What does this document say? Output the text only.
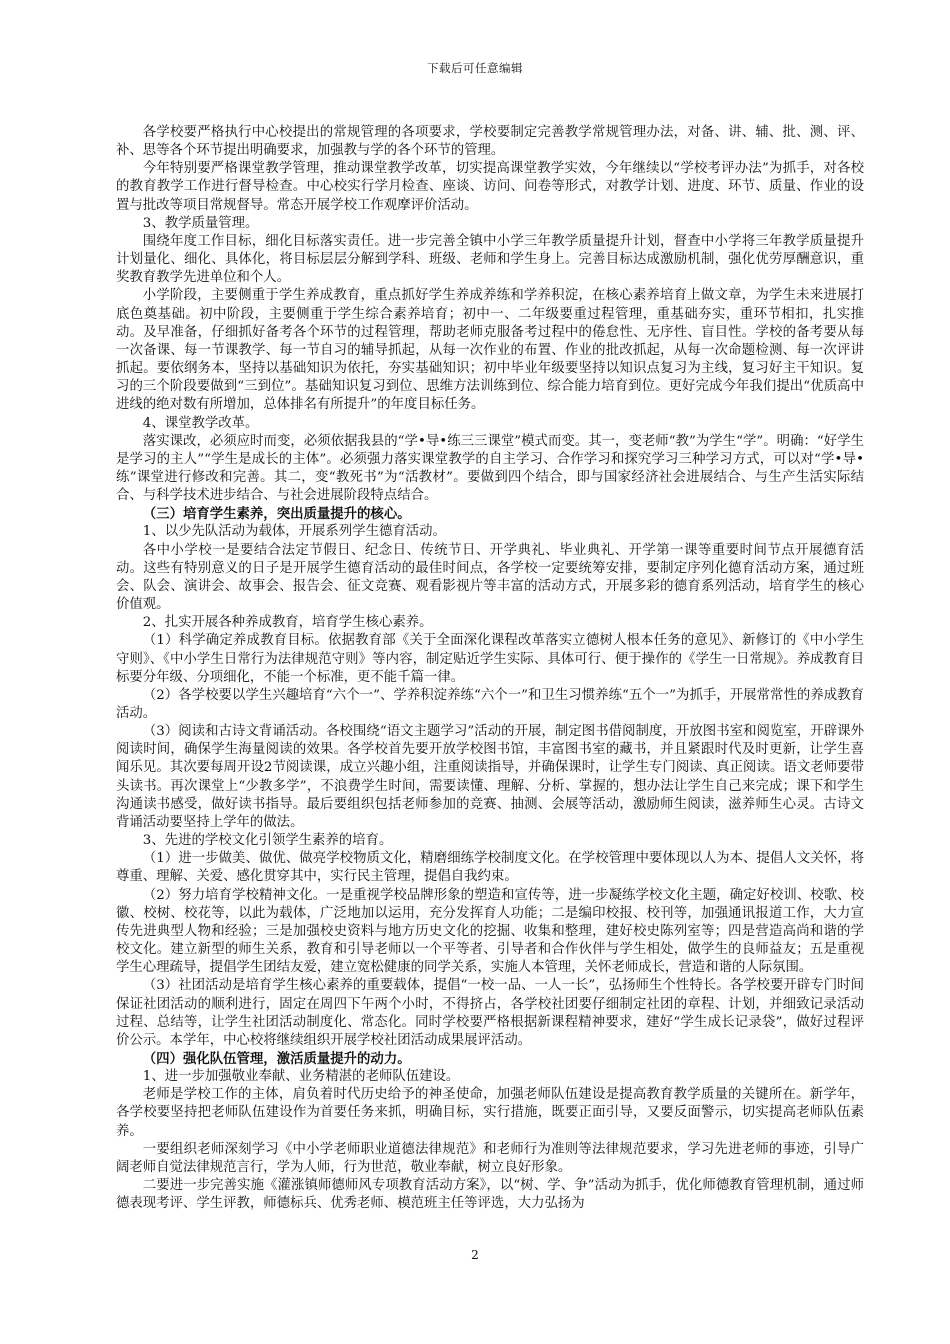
下载后可任意编辑

各学校要严格执行中心校提出的常规管理的各项要求，学校要制定完善教学常规管理办法，对备、讲、辅、批、测、评、补、思等各个环节提出明确要求，加强教与学的各个环节的管理。

今年特别要严格课堂教学管理，推动课堂教学改革，切实提高课堂教学实效，今年继续以“学校考评办法”为抓手，对各校的教育教学工作进行督导检查。中心校实行学月检查、座谈、访问、问卷等形式，对教学计划、进度、环节、质量、作业的设置与批改等项目常规督导。常态开展学校工作观摩评价活动。

3、教学质量管理。

围绕年度工作目标，细化目标落实责任。进一步完善全镇中小学三年教学质量提升计划，督查中小学将三年教学质量提升计划量化、细化、具体化，将目标层层分解到学科、班级、老师和学生身上。完善目标达成激励机制，强化优劳厚酬意识，重奖教育教学先进单位和个人。

小学阶段，主要侧重于学生养成教育，重点抓好学生养成养练和学养积淀，在核心素养培育上做文章，为学生未来进展打底色奠基础。初中阶段，主要侧重于学生综合素养培育；初中一、二年级要重过程管理，重基础夯实，重环节相扣，扎实推动。及早准备，仔细抓好备考各个环节的过程管理，帮助老师克服备考过程中的倦怠性、无序性、盲目性。学校的备考要从每一次备课、每一节课教学、每一节自习的辅导抓起，从每一次作业的布置、作业的批改抓起，从每一次命题检测、每一次评讲抓起。要依纲务本，坚持以基础知识为依托，夯实基础知识；初中毕业年级要坚持以知识点复习为主线，复习好主干知识。复习的三个阶段要做到“三到位”。基础知识复习到位、思维方法训练到位、综合能力培育到位。更好完成今年我们提出“优质高中进线的绝对数有所增加，总体排名有所提升”的年度目标任务。

4、课堂教学改革。

落实课改，必须应时而变，必须依据我县的“学•导•练三三课堂”模式而变。其一，变老师“教”为学生“学”。明确：“好学生是学习的主人”“学生是成长的主体”。必须强力落实课堂教学的自主学习、合作学习和探究学习三种学习方式，可以对“学•导•练”课堂进行修改和完善。其二，变“教死书”为“活教材”。要做到四个结合，即与国家经济社会进展结合、与生产生活实际结合、与科学技术进步结合、与社会进展阶段特点结合。

（三）培育学生素养，突出质量提升的核心。

1、以少先队活动为载体，开展系列学生德育活动。

各中小学校一是要结合法定节假日、纪念日、传统节日、开学典礼、毕业典礼、开学第一课等重要时间节点开展德育活动。这些有特别意义的日子是开展学生德育活动的最佳时间点，各学校一定要统筹安排，要制定序列化德育活动方案，通过班会、队会、演讲会、故事会、报告会、征文竞赛、观看影视片等丰富的活动方式，开展多彩的德育系列活动，培育学生的核心价值观。

2、扎实开展各种养成教育，培育学生核心素养。

（1）科学确定养成教育目标。依据教育部《关于全面深化课程改革落实立德树人根本任务的意见》、新修订的《中小学生守则》、《中小学生日常行为法律规范守则》等内容，制定贴近学生实际、具体可行、便于操作的《学生一日常规》。养成教育目标要分年级、分项细化，不能一个标准，更不能千篇一律。

（2）各学校要以学生兴趣培育“六个一”、学养积淀养练“六个一”和卫生习惯养练“五个一”为抓手，开展常常性的养成教育活动。

（3）阅读和古诗文背诵活动。各校围绕“语文主题学习”活动的开展，制定图书借阅制度，开放图书室和阅览室，开辟课外阅读时间，确保学生海量阅读的效果。各学校首先要开放学校图书馆，丰富图书室的藏书，并且紧跟时代及时更新，让学生喜闻乐见。其次要每周开设2节阅读课，成立兴趣小组，注重阅读指导，并确保课时，让学生专门阅读、真正阅读。语文老师要带头读书。再次课堂上“少教多学”，不浪费学生时间，需要读懂、理解、分析、掌握的，想办法让学生自己来完成；课下和学生沟通读书感受，做好读书指导。最后要组织包括老师参加的竞赛、抽测、会展等活动，激励师生阅读，滋养师生心灵。古诗文背诵活动要坚持上学年的做法。

3、先进的学校文化引领学生素养的培育。

（1）进一步做美、做优、做亮学校物质文化，精磨细练学校制度文化。在学校管理中要体现以人为本、提倡人文关怀，将尊重、理解、关爱、感化贯穿其中，实行民主管理，提倡自我约束。

（2）努力培育学校精神文化。一是重视学校品牌形象的塑造和宣传等，进一步凝练学校文化主题，确定好校训、校歌、校徽、校树、校花等，以此为载体，广泛地加以运用，充分发挥育人功能；二是编印校报、校刊等，加强通讯报道工作，大力宣传先进典型人物和经验；三是加强校史资料与地方历史文化的挖掘、收集和整理，建好校史陈列室等；四是营造高尚和谐的学校文化。建立新型的师生关系，教育和引导老师以一个平等者、引导者和合作伙伴与学生相处，做学生的良师益友；五是重视学生心理疏导，提倡学生团结友爱，建立宽松健康的同学关系，实施人本管理，关怀老师成长，营造和谐的人际氛围。

（3）社团活动是培育学生核心素养的重要载体，提倡“一校一品、一人一长”，弘扬师生个性特长。各学校要开辟专门时间保证社团活动的顺利进行，固定在周四下午两个小时，不得挤占，各学校社团要仔细制定社团的章程、计划，并细致记录活动过程、总结等，让学生社团活动制度化、常态化。同时学校要严格根据新课程精神要求，建好“学生成长记录袋”，做好过程评价公示。本学年，中心校将继续组织开展学校社团活动成果展评活动。

（四）强化队伍管理，激活质量提升的动力。

1、进一步加强敬业奉献、业务精湛的老师队伍建设。

老师是学校工作的主体，肩负着时代历史给予的神圣使命，加强老师队伍建设是提高教育教学质量的关键所在。新学年，各学校要坚持把老师队伍建设作为首要任务来抓，明确目标，实行措施，既要正面引导，又要反面警示，切实提高老师队伍素养。

一要组织老师深刻学习《中小学老师职业道德法律规范》和老师行为准则等法律规范要求，学习先进老师的事迹，引导广阔老师自觉法律规范言行，学为人师，行为世范，敬业奉献，树立良好形象。

二要进一步完善实施《灌涨镇师德师风专项教育活动方案》，以“树、学、争”活动为抓手，优化师德教育管理机制，通过师德表现考评、学生评教，师德标兵、优秀老师、模范班主任等评选，大力弘扬为

2
